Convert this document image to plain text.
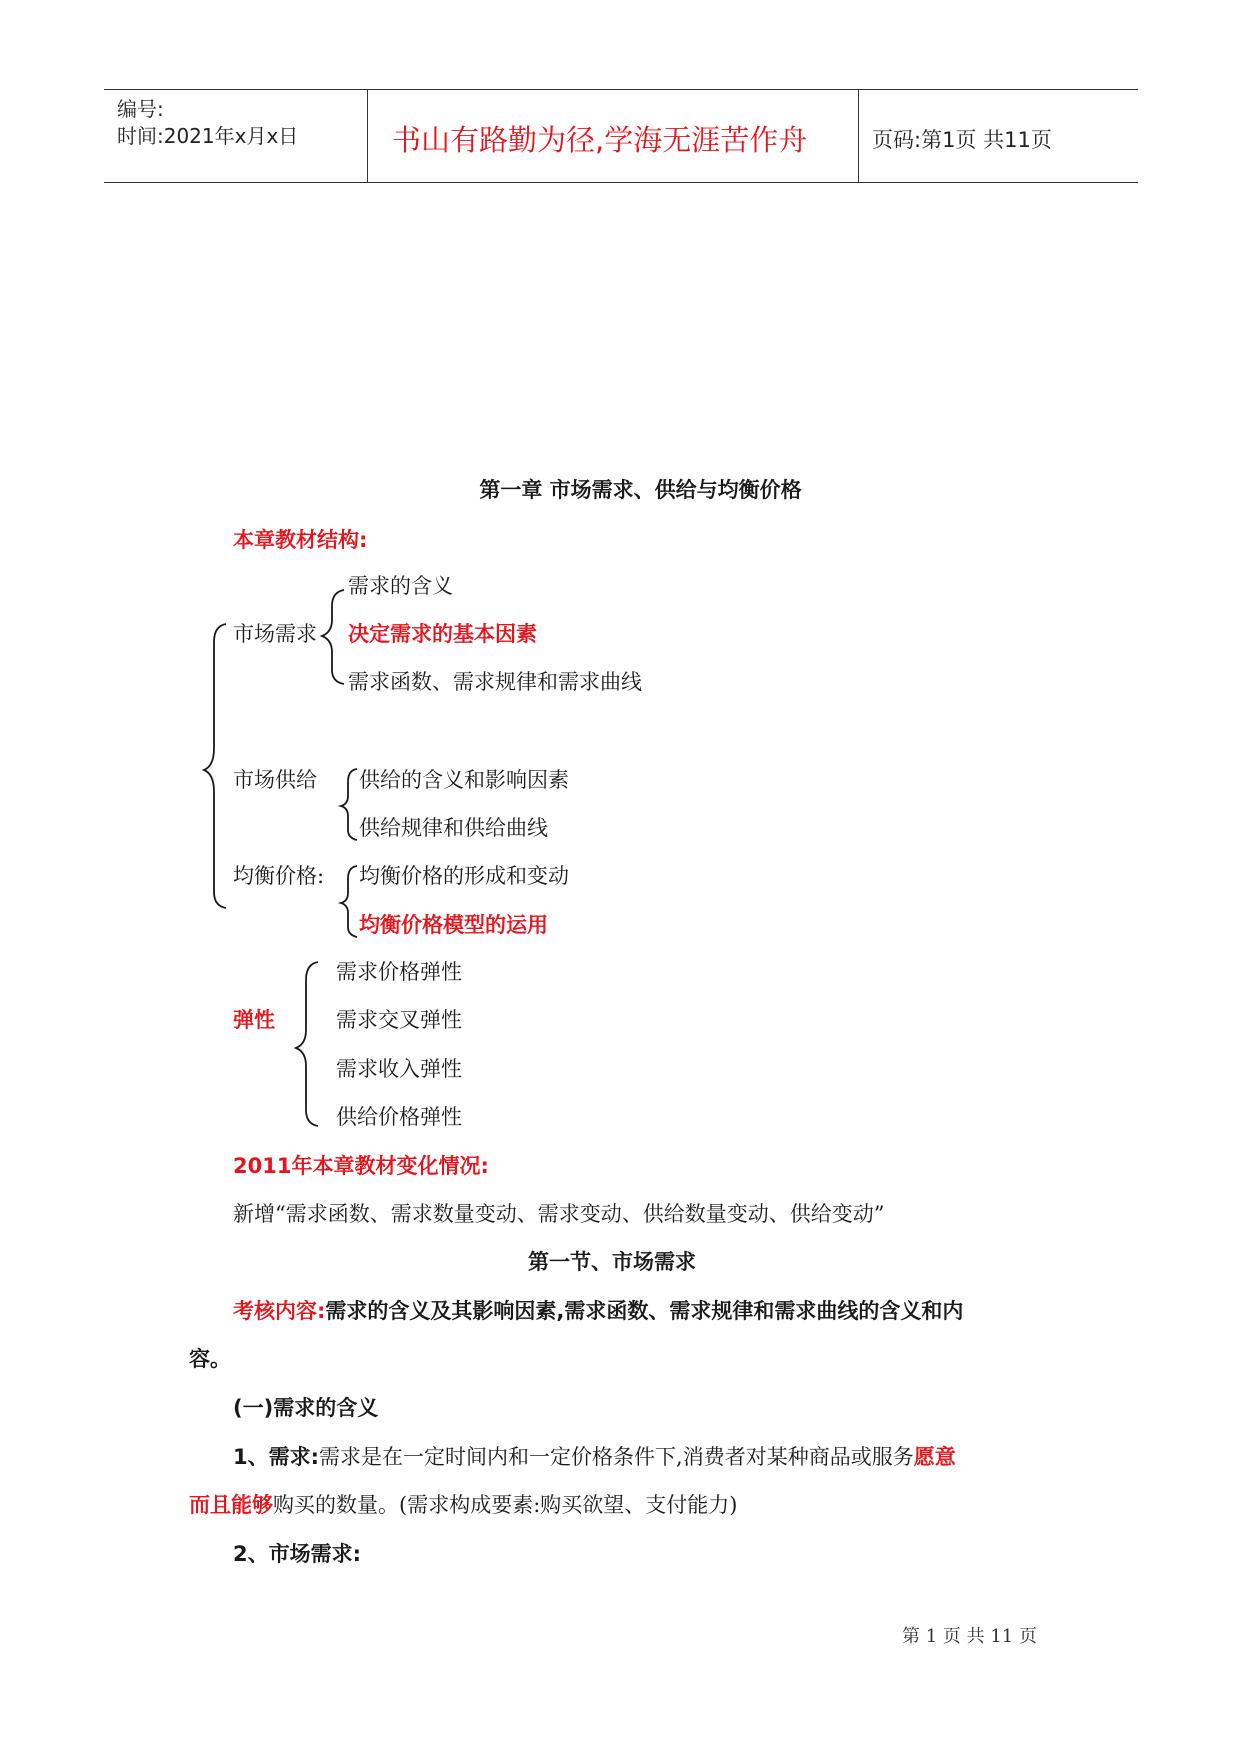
编号:
时间:2021年x月x日	书山有路勤为径,学海无涯苦作舟	页码:第1页 共11页
第一章 市场需求、供给与均衡价格
本章教材结构:
市场需求
需求的含义
决定需求的基本因素
需求函数、需求规律和需求曲线
市场供给 供给的含义和影响因素
供给规律和供给曲线
均衡价格: 均衡价格的形成和变动
均衡价格模型的运用
弹性
需求价格弹性
需求交叉弹性
需求收入弹性
供给价格弹性
2011年本章教材变化情况:
新增“需求函数、需求数量变动、需求变动、供给数量变动、供给变动”
第一节、市场需求
考核内容:需求的含义及其影响因素,需求函数、需求规律和需求曲线的含义和内
容。
(一)需求的含义
1、需求:需求是在一定时间内和一定价格条件下,消费者对某种商品或服务愿意
而且能够购买的数量。(需求构成要素:购买欲望、支付能力)
2、市场需求:
第 1 页 共 11 页
